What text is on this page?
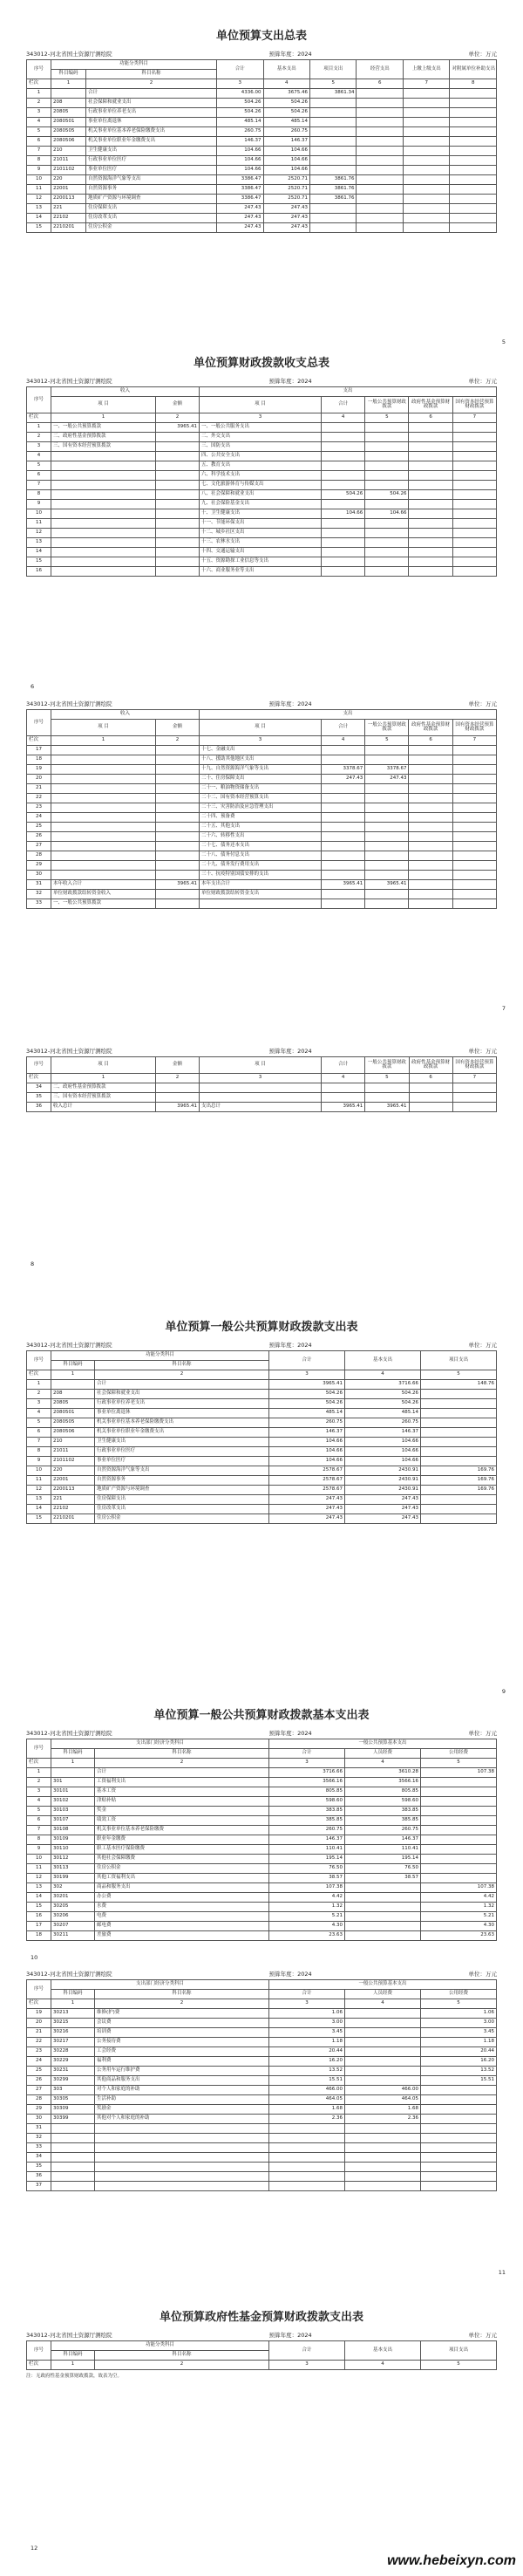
单位预算支出总表
343012-河北省国土资源厅测绘院	预算年度：2024	单位：万元
序号	功能分类科目		合计	基本支出	项目支出	经营支出	上缴上级支出	对附属单位补助支出
	科目编码	科目名称						
栏次	1	2	3	4	5	6	7	8
1		合计	4336.00	3675.46	3861.34			
2	208	社会保障和就业支出	504.26	504.26				
3	20805	行政事业单位养老支出	504.26	504.26				
4	2080501	事业单位离退休	485.14	485.14				
5	2080505	机关事业单位基本养老保险缴费支出	260.75	260.75				
6	2080506	机关事业单位职业年金缴费支出	146.37	146.37				
7	210	卫生健康支出	104.66	104.66				
8	21011	行政事业单位医疗	104.66	104.66				
9	2101102	事业单位医疗	104.66	104.66				
10	220	自然资源海洋气象等支出	3386.47	2520.71	3861.76			
11	22001	自然资源事务	3386.47	2520.71	3861.76			
12	2200113	地质矿产资源与环境调查	3386.47	2520.71	3861.76			
13	221	住房保障支出	247.43	247.43				
14	22102	住房改革支出	247.43	247.43				
15	2210201	住房公积金	247.43	247.43				
5
单位预算财政拨款收支总表
343012-河北省国土资源厅测绘院	预算年度：2024	单位：万元
序号	收入		支出				
	项 目	金额	项 目	合计	一般公共预算财政拨款	政府性基金预算财政拨款	国有资本经营预算财政拨款
栏次	1	2	3	4	5	6	7
1	一、一般公共预算拨款	3965.41	一、一般公共服务支出				
2	二、政府性基金预算拨款		二、外交支出				
3	三、国有资本经营预算拨款		三、国防支出				
4			四、公共安全支出				
5			五、教育支出				
6			六、科学技术支出				
7			七、文化旅游体育与传媒支出				
8			八、社会保障和就业支出	504.26	504.26		
9			九、社会保险基金支出				
10			十、卫生健康支出	104.66	104.66		
11			十一、节能环保支出				
12			十二、城乡社区支出				
13			十三、农林水支出				
14			十四、交通运输支出				
15			十五、资源勘探工业信息等支出				
16			十六、商业服务业等支出				
6
343012-河北省国土资源厅测绘院	预算年度：2024	单位：万元
序号	收入		支出				
	项 目	金额	项 目	合计	一般公共预算财政拨款	政府性基金预算财政拨款	国有资本经营预算财政拨款
栏次	1	2	3	4	5	6	7
17			十七、金融支出				
18			十八、援助其他地区支出				
19			十九、自然资源海洋气象等支出	3378.67	3378.67		
20			二十、住房保障支出	247.43	247.43		
21			二十一、粮油物资储备支出				
22			二十二、国有资本经营预算支出				
23			二十三、灾害防治及应急管理支出				
24			二十四、预备费				
25			二十五、其他支出				
26			二十六、转移性支出				
27			二十七、债务还本支出				
28			二十八、债务付息支出				
29			二十九、债务发行费用支出				
30			三十、抗疫特别国债安排的支出				
31	本年收入合计	3965.41	本年支出合计	3965.41	3965.41		
32	单位财政拨款结转资金收入		单位财政拨款结转资金支出				
33	一、一般公共预算拨款						
7
343012-河北省国土资源厅测绘院	预算年度：2024	单位：万元
序号	项 目	金额	项 目	合计	一般公共预算财政拨款	政府性基金预算财政拨款	国有资本经营预算财政拨款
栏次	1	2	3	4	5	6	7
34	二、政府性基金预算拨款						
35	三、国有资本经营预算拨款						
36	收入总计	3965.41	支出总计	3965.41	3965.41		
8
单位预算一般公共预算财政拨款支出表
343012-河北省国土资源厅测绘院	预算年度：2024	单位：万元
序号	功能分类科目		合计	基本支出	项目支出
	科目编码	科目名称			
栏次	1	2	3	4	5
1		合计	3965.41	3716.66	148.76
2	208	社会保障和就业支出	504.26	504.26	
3	20805	行政事业单位养老支出	504.26	504.26	
4	2080501	事业单位离退休	485.14	485.14	
5	2080505	机关事业单位基本养老保险缴费支出	260.75	260.75	
6	2080506	机关事业单位职业年金缴费支出	146.37	146.37	
7	210	卫生健康支出	104.66	104.66	
8	21011	行政事业单位医疗	104.66	104.66	
9	2101102	事业单位医疗	104.66	104.66	
10	220	自然资源海洋气象等支出	2578.67	2430.91	169.76
11	22001	自然资源事务	2578.67	2430.91	169.76
12	2200113	地质矿产资源与环境调查	2578.67	2430.91	169.76
13	221	住房保障支出	247.43	247.43	
14	22102	住房改革支出	247.43	247.43	
15	2210201	住房公积金	247.43	247.43	
9
单位预算一般公共预算财政拨款基本支出表
343012-河北省国土资源厅测绘院	预算年度：2024	单位：万元
序号	支出部门经济分类科目		一般公共预算基本支出		
	科目编码	科目名称	合计	人员经费	公用经费
栏次	1	2	3	4	5
1		合计	3716.66	3610.28	107.38
2	301	工资福利支出	3566.16	3566.16	
3	30101	基本工资	805.85	805.85	
4	30102	津贴补贴	598.60	598.60	
5	30103	奖金	383.85	383.85	
6	30107	绩效工资	385.85	385.85	
7	30108	机关事业单位基本养老保险缴费	260.75	260.75	
8	30109	职业年金缴费	146.37	146.37	
9	30110	职工基本医疗保险缴费	110.41	110.41	
10	30112	其他社会保障缴费	195.14	195.14	
11	30113	住房公积金	76.50	76.50	
12	30199	其他工资福利支出	38.57	38.57	
13	302	商品和服务支出	107.38		107.38
14	30201	办公费	4.42		4.42
15	30205	水费	1.32		1.32
16	30206	电费	5.21		5.21
17	30207	邮电费	4.30		4.30
18	30211	差旅费	23.63		23.63
10
343012-河北省国土资源厅测绘院	预算年度：2024	单位：万元
序号	支出部门经济分类科目		一般公共预算基本支出		
	科目编码	科目名称	合计	人员经费	公用经费
栏次	1	2	3	4	5
19	30213	维修(护)费	1.06		1.06
20	30215	会议费	3.00		3.00
21	30216	培训费	3.45		3.45
22	30217	公务接待费	1.18		1.18
23	30228	工会经费	20.44		20.44
24	30229	福利费	16.20		16.20
25	30231	公务用车运行维护费	13.52		13.52
26	30299	其他商品和服务支出	15.51		15.51
27	303	对个人和家庭的补助	466.00	466.00	
28	30305	生活补助	464.05	464.05	
29	30309	奖励金	1.68	1.68	
30	30399	其他对个人和家庭的补助	2.36	2.36	
31					
32					
33					
34					
35					
36					
37					
11
单位预算政府性基金预算财政拨款支出表
343012-河北省国土资源厅测绘院	预算年度：2024	单位：万元
序号	功能分类科目		合计	基本支出	项目支出
	科目编码	科目名称			
栏次	1	2	3	4	5
注：无政府性基金预算财政拨款，故表为空。
12
www.hebeixyn.com
